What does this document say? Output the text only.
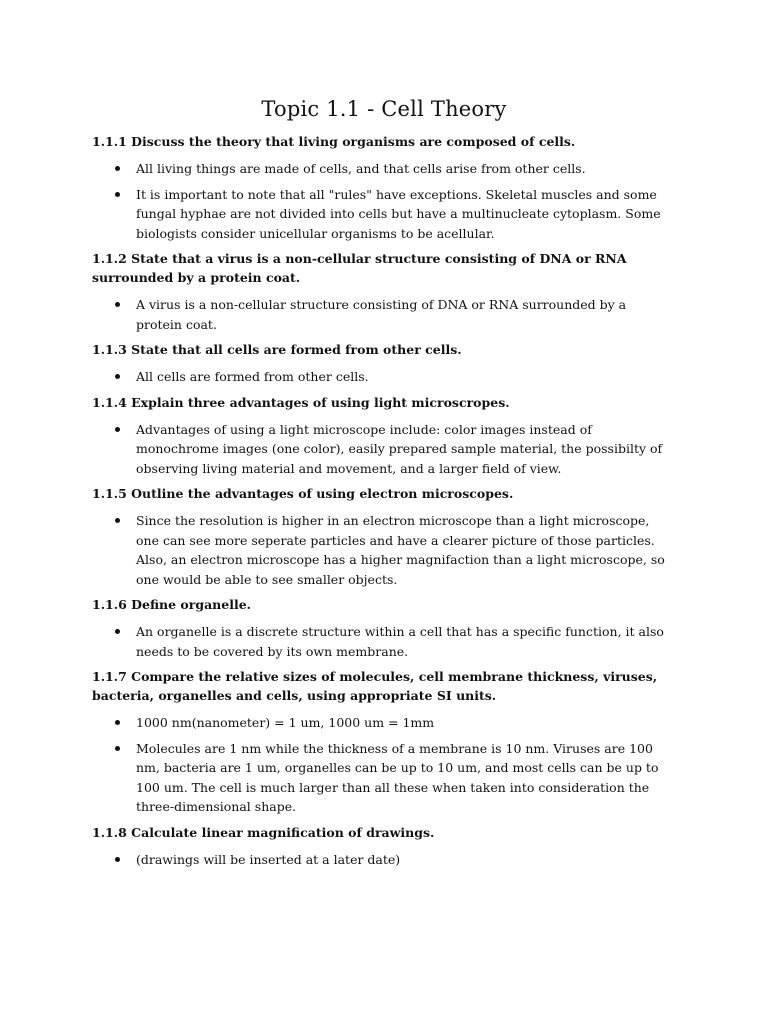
Topic 1.1 - Cell Theory

1.1.1 Discuss the theory that living organisms are composed of cells.

All living things are made of cells, and that cells arise from other cells.
It is important to note that all "rules" have exceptions. Skeletal muscles and some fungal hyphae are not divided into cells but have a multinucleate cytoplasm. Some biologists consider unicellular organisms to be acellular.

1.1.2 State that a virus is a non-cellular structure consisting of DNA or RNA surrounded by a protein coat.

A virus is a non-cellular structure consisting of DNA or RNA surrounded by a protein coat.

1.1.3 State that all cells are formed from other cells.

All cells are formed from other cells.

1.1.4 Explain three advantages of using light microscropes.

Advantages of using a light microscope include: color images instead of monochrome images (one color), easily prepared sample material, the possibilty of observing living material and movement, and a larger field of view.

1.1.5 Outline the advantages of using electron microscopes.

Since the resolution is higher in an electron microscope than a light microscope, one can see more seperate particles and have a clearer picture of those particles. Also, an electron microscope has a higher magnifaction than a light microscope, so one would be able to see smaller objects.

1.1.6 Define organelle.

An organelle is a discrete structure within a cell that has a specific function, it also needs to be covered by its own membrane.

1.1.7 Compare the relative sizes of molecules, cell membrane thickness, viruses, bacteria, organelles and cells, using appropriate SI units.

1000 nm(nanometer) = 1 um, 1000 um = 1mm
Molecules are 1 nm while the thickness of a membrane is 10 nm. Viruses are 100 nm, bacteria are 1 um, organelles can be up to 10 um, and most cells can be up to 100 um. The cell is much larger than all these when taken into consideration the three-dimensional shape.

1.1.8 Calculate linear magnification of drawings.

(drawings will be inserted at a later date)
